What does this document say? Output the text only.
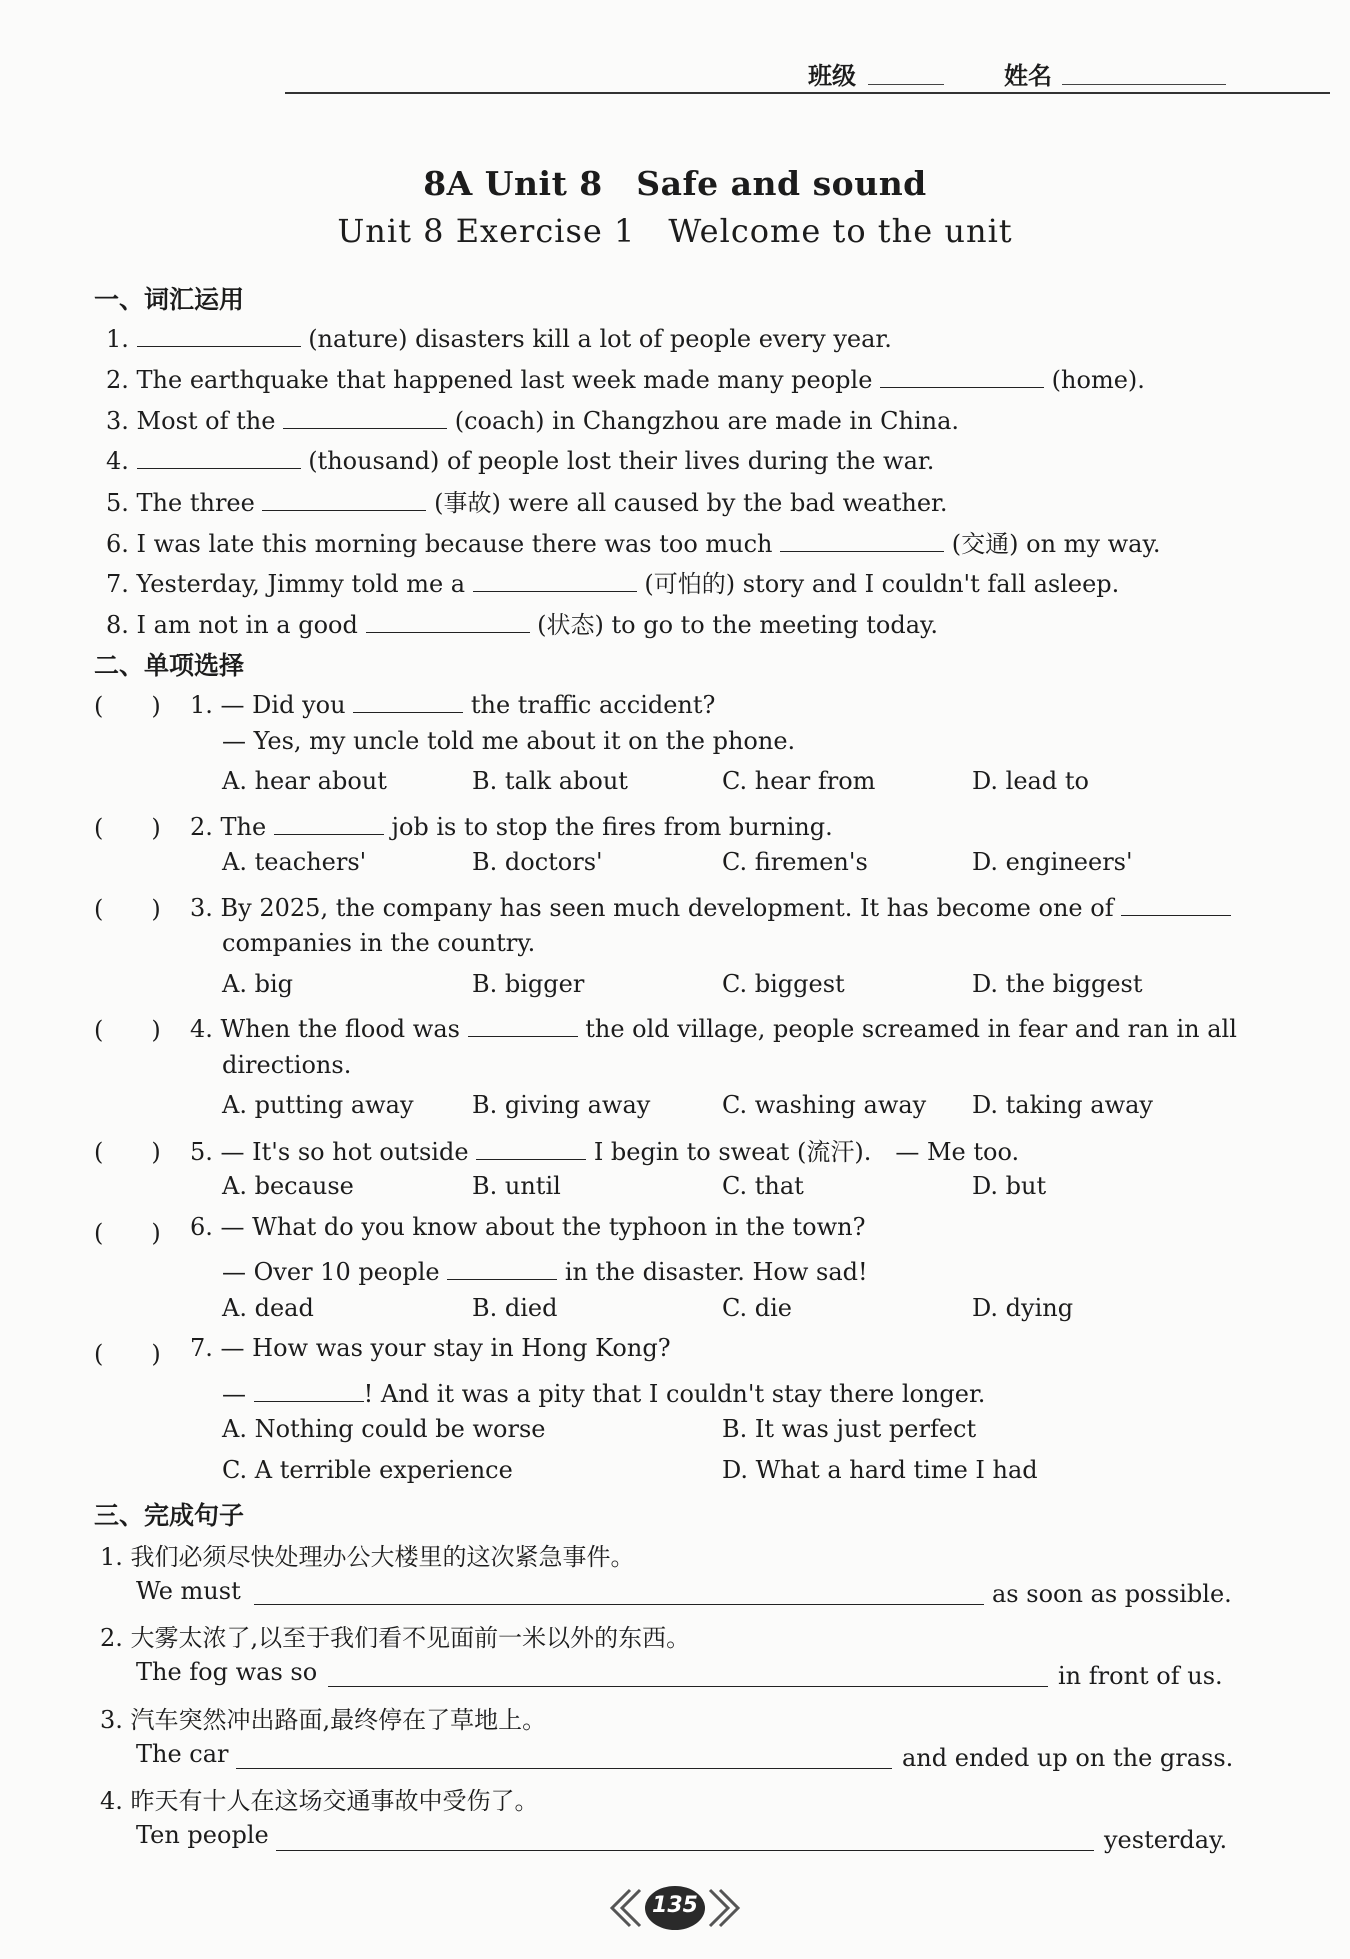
班级	姓名
8A Unit 8　Safe and sound
Unit 8 Exercise 1　Welcome to the unit
一、词汇运用
1.	(nature) disasters kill a lot of people every year.
2. The earthquake that happened last week made many people	(home).
3. Most of the	(coach) in Changzhou are made in China.
4.	(thousand) of people lost their lives during the war.
5. The three	(事故) were all caused by the bad weather.
6. I was late this morning because there was too much	(交通) on my way.
7. Yesterday, Jimmy told me a	(可怕的) story and I couldn't fall asleep.
8. I am not in a good	(状态) to go to the meeting today.
二、单项选择
(　　) 1. — Did you	the traffic accident?
— Yes, my uncle told me about it on the phone.
A. hear about	B. talk about	C. hear from	D. lead to
(　　) 2. The	job is to stop the fires from burning.
A. teachers'	B. doctors'	C. firemen's	D. engineers'
(　　) 3. By 2025, the company has seen much development. It has become one of
companies in the country.
A. big	B. bigger	C. biggest	D. the biggest
(　　) 4. When the flood was	the old village, people screamed in fear and ran in all
directions.
A. putting away B. giving away	C. washing away D. taking away
(　　) 5. — It's so hot outside	I begin to sweat (流汗).　— Me too.
A. because	B. until	C. that	D. but
(　　) 6. — What do you know about the typhoon in the town?
— Over 10 people	in the disaster. How sad!
A. dead	B. died	C. die	D. dying
(　　) 7. — How was your stay in Hong Kong?
—	! And it was a pity that I couldn't stay there longer.
A. Nothing could be worse	B. It was just perfect
C. A terrible experience	D. What a hard time I had
三、完成句子
1. 我们必须尽快处理办公大楼里的这次紧急事件。
We must	as soon as possible.
2. 大雾太浓了,以至于我们看不见面前一米以外的东西。
The fog was so	in front of us.
3. 汽车突然冲出路面,最终停在了草地上。
The car	and ended up on the grass.
4. 昨天有十人在这场交通事故中受伤了。
Ten people	yesterday.
135
